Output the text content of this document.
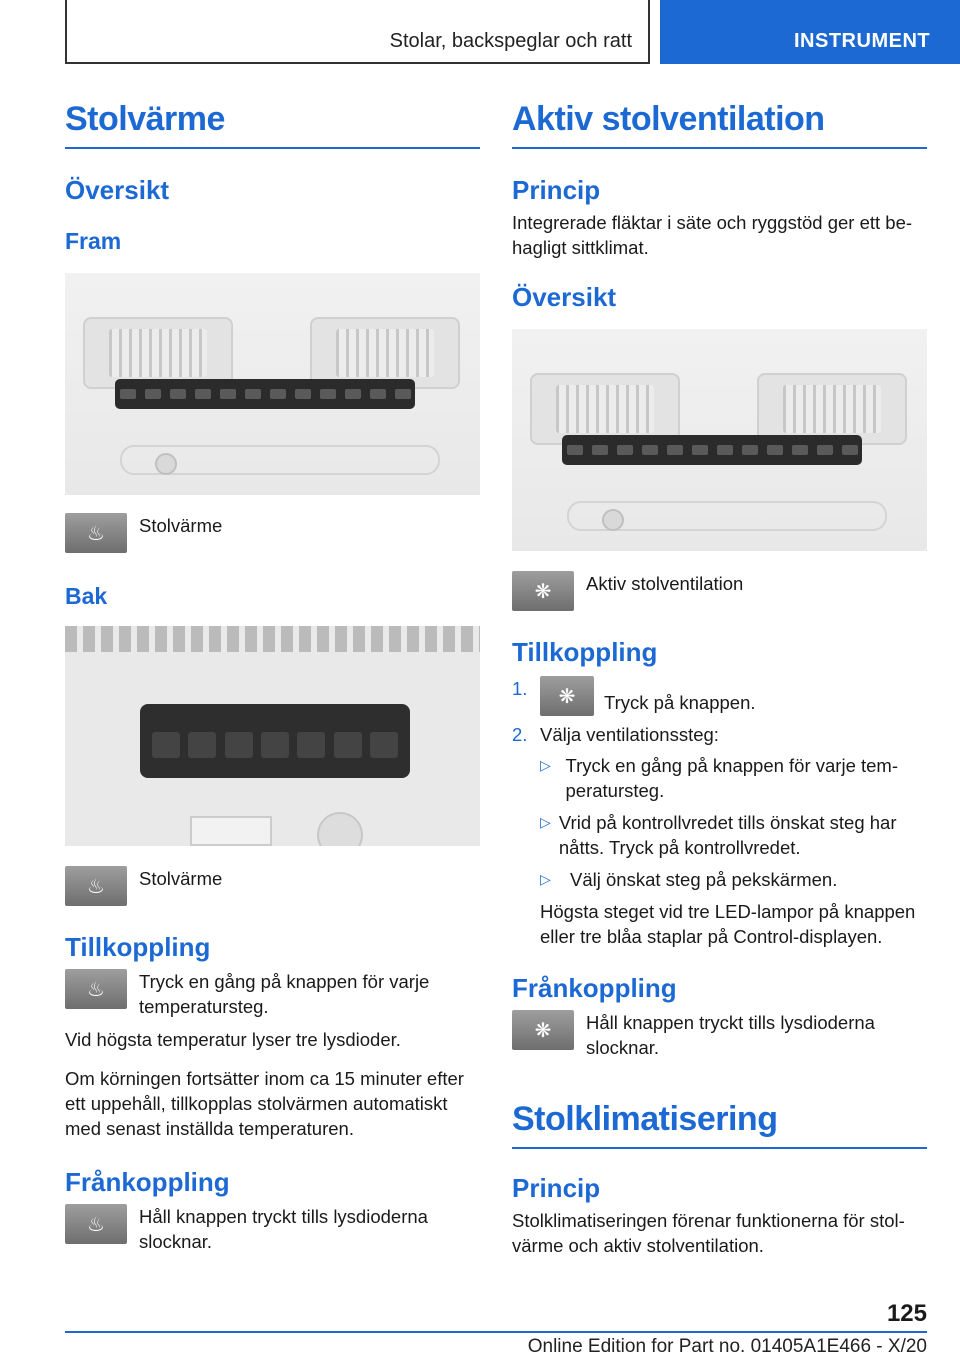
Stolar, backspeglar och ratt	INSTRUMENT
Stolvärme
Översikt
Fram
♨	Stolvärme
Bak
♨	Stolvärme
Tillkoppling
♨	Tryck en gång på knappen för varje temperatursteg.

Vid högsta temperatur lyser tre lysdioder.

Om körningen fortsätter inom ca 15 minuter efter ett uppehåll, tillkopplas stolvärmen automatiskt med senast inställda temperaturen.

Frånkoppling
♨	Håll knappen tryckt tills lysdioderna slocknar.
Aktiv stolventilation
Princip

Integrerade fläktar i säte och ryggstöd ger ett behagligt sittklimat.

Översikt
❋	Aktiv stolventilation
Tillkoppling
1.	❋	Tryck på knappen.
2. Välja ventilationssteg:
▷ Tryck en gång på knappen för varje temperatursteg.

▷ Vrid på kontrollvredet tills önskat steg har nåtts. Tryck på kontrollvredet.

▷	Välj önskat steg på pekskärmen.

Högsta steget vid tre LED-lampor på knappen eller tre blåa staplar på Control-displayen.

Frånkoppling
❋	Håll knappen tryckt tills lysdioderna slocknar.
Stolklimatisering
Princip

Stolklimatiseringen förenar funktionerna för stolvärme och aktiv stolventilation.

125
Online Edition for Part no. 01405A1E466 - X/20
